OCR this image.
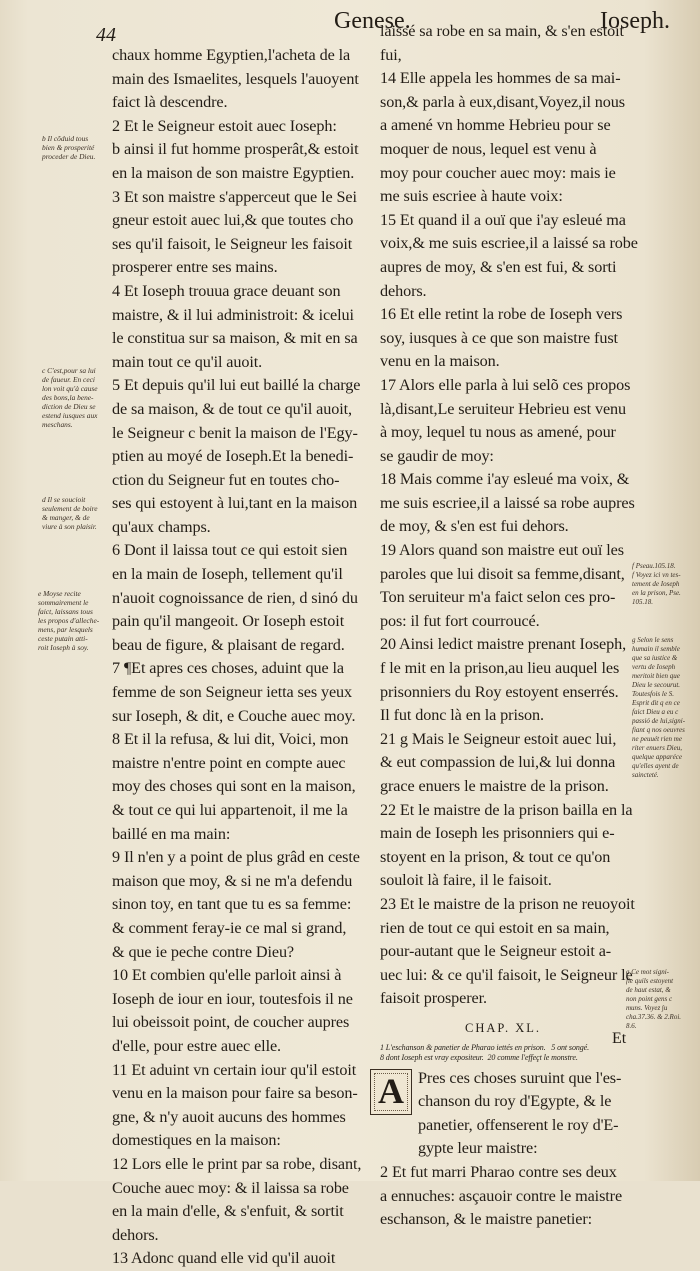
44
Genese.	Ioseph.
b Il cõduid tous
bien & prosperité
proceder de Dieu.
c C'est,pour sa lui
de faueur. En ceci
lon voit qu'à cause
des bons,la bene-
diction de Dieu se
estend iusques aux
meschans.
d Il se soucioit
seulement de boire
& manger, & de
viure à son plaisir.
e Moyse recite
sommairement le
faict, laissans tous
les propos d'alleche-
mens, par lesquels
ceste putain atti-
roit Ioseph à soy.
f Pseau.105.18.
f Voyez ici vn tes-
tement de Ioseph
en la prison, Pse.
105.18.
g Selon le sens
humain il semble
que sa iustice &
vertu de Ioseph
meritoit bien que
Dieu le secourut.
Toutesfois le S.
Esprit dit q en ce
faict Dieu a eu c
passió de lui,signi-
fiant q nos oeuvres
ne peuuét rien me
riter enuers Dieu,
quelque apparéce
qu'elles ayent de
saincteté.
a Ce mot signi-
fie quils estoyent
de haut estat, &
non point gens c
muns. Voyez ∫u
cha.37.36. & 2.Roi.
8.6.

chaux homme Egyptien,l'acheta de la

main des Ismaelites, lesquels l'auoyent

faict là descendre.

2 Et le Seigneur estoit auec Ioseph:

b ainsi il fut homme prosperât,& estoit

en la maison de son maistre Egyptien.

3 Et son maistre s'apperceut que le Sei

gneur estoit auec lui,& que toutes cho

ses qu'il faisoit, le Seigneur les faisoit

prosperer entre ses mains.

4 Et Ioseph trouua grace deuant son

maistre, & il lui administroit: & icelui

le constitua sur sa maison, & mit en sa

main tout ce qu'il auoit.

5 Et depuis qu'il lui eut baillé la charge

de sa maison, & de tout ce qu'il auoit,

le Seigneur c benit la maison de l'Egy-

ptien au moyé de Ioseph.Et la benedi-

ction du Seigneur fut en toutes cho-

ses qui estoyent à lui,tant en la maison

qu'aux champs.

6 Dont il laissa tout ce qui estoit sien

en la main de Ioseph, tellement qu'il

n'auoit cognoissance de rien, d sinó du

pain qu'il mangeoit. Or Ioseph estoit

beau de figure, & plaisant de regard.

7 ¶Et apres ces choses, aduint que la

femme de son Seigneur ietta ses yeux

sur Ioseph, & dit, e Couche auec moy.

8 Et il la refusa, & lui dit, Voici, mon

maistre n'entre point en compte auec

moy des choses qui sont en la maison,

& tout ce qui lui appartenoit, il me la

baillé en ma main:

9 Il n'en y a point de plus grâd en ceste

maison que moy, & si ne m'a defendu

sinon toy, en tant que tu es sa femme:

& comment feray-ie ce mal si grand,

& que ie peche contre Dieu?

10 Et combien qu'elle parloit ainsi à

Ioseph de iour en iour, toutesfois il ne

lui obeissoit point, de coucher aupres

d'elle, pour estre auec elle.

11 Et aduint vn certain iour qu'il estoit

venu en la maison pour faire sa beson-

gne, & n'y auoit aucuns des hommes

domestiques en la maison:

12 Lors elle le print par sa robe, disant,

Couche auec moy: & il laissa sa robe

en la main d'elle, & s'enfuit, & sortit

dehors.

13 Adonc quand elle vid qu'il auoit

laissé sa robe en sa main, & s'en estoit

fui,

14 Elle appela les hommes de sa mai-

son,& parla à eux,disant,Voyez,il nous

a amené vn homme Hebrieu pour se

moquer de nous, lequel est venu à

moy pour coucher auec moy: mais ie

me suis escriee à haute voix:

15 Et quand il a ouï que i'ay esleué ma

voix,& me suis escriee,il a laissé sa robe

aupres de moy, & s'en est fui, & sorti

dehors.

16 Et elle retint la robe de Ioseph vers

soy, iusques à ce que son maistre fust

venu en la maison.

17 Alors elle parla à lui selõ ces propos

là,disant,Le seruiteur Hebrieu est venu

à moy, lequel tu nous as amené, pour

se gaudir de moy:

18 Mais comme i'ay esleué ma voix, &

me suis escriee,il a laissé sa robe aupres

de moy, & s'en est fui dehors.

19 Alors quand son maistre eut ouï les

paroles que lui disoit sa femme,disant,

Ton seruiteur m'a faict selon ces pro-

pos: il fut fort courroucé.

20 Ainsi ledict maistre prenant Ioseph,

f le mit en la prison,au lieu auquel les

prisonniers du Roy estoyent enserrés.

Il fut donc là en la prison.

21 g Mais le Seigneur estoit auec lui,

& eut compassion de lui,& lui donna

grace enuers le maistre de la prison.

22 Et le maistre de la prison bailla en la

main de Ioseph les prisonniers qui e-

stoyent en la prison, & tout ce qu'on

souloit là faire, il le faisoit.

23 Et le maistre de la prison ne reuoyoit

rien de tout ce qui estoit en sa main,

pour-autant que le Seigneur estoit a-

uec lui: & ce qu'il faisoit, le Seigneur le

faisoit prosperer.

CHAP. XL.

1 L'eschanson & panetier de Pharao iettés en prison.   5 ont songé.

8 dont Ioseph est vray expositeur.  20 comme l'effeçt le monstre.

A Pres ces choses suruint que l'es-

chanson du roy d'Egypte, & le

panetier, offenserent le roy d'E-

gypte leur maistre:

2 Et fut marri Pharao contre ses deux

a ennuches: asçauoir contre le maistre

eschanson, & le maistre panetier:

Et
